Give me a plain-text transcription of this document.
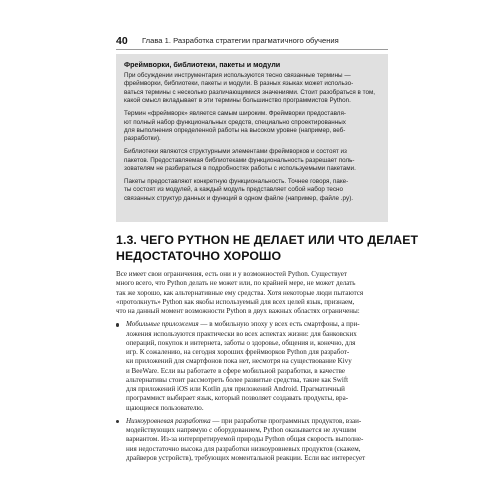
40 Глава 1. Разработка стратегии прагматичного обучения
Фреймворки, библиотеки, пакеты и модули

При обсуждении инструментария используются тесно связанные термины —
фреймворки, библиотеки, пакеты и модули. В разных языках может использо-
ваться термины с несколько различающимися значениями. Стоит разобраться в том,
какой смысл вкладывает в эти термины большинство программистов Python.

Термин «фреймворк» является самым широким. Фреймворки предоставля-
ют полный набор функциональных средств, специально спроектированных
для выполнения определенной работы на высоком уровне (например, веб-
разработки).

Библиотеки являются структурными элементами фреймворков и состоят из
пакетов. Предоставляемая библиотеками функциональность разрешает поль-
зователям не разбираться в подробностях работы с используемыми пакетами.

Пакеты предоставляют конкретную функциональность. Точнее говоря, паке-
ты состоят из модулей, а каждый модуль представляет собой набор тесно
связанных структур данных и функций в одном файле (например, файле .py).

1.3. ЧЕГО PYTHON НЕ ДЕЛАЕТ ИЛИ ЧТО ДЕЛАЕТ
НЕДОСТАТОЧНО ХОРОШО

Все имеет свои ограничения, есть они и у возможностей Python. Существует
много всего, что Python делать не может или, по крайней мере, не может делать
так же хорошо, как альтернативные ему средства. Хотя некоторые люди пытаются
«протолкнуть» Python как якобы используемый для всех целей язык, признаем,
что на данный момент возможности Python в двух важных областях ограничены:

Мобильные приложения — в мобильную эпоху у всех есть смартфоны, а при-
ложения используются практически во всех аспектах жизни: для банковских
операций, покупок и интернета, заботы о здоровье, общения и, конечно, для
игр. К сожалению, на сегодня хороших фреймворков Python для разработ-
ки приложений для смартфонов пока нет, несмотря на существование Kivy
и BeeWare. Если вы работаете в сфере мобильной разработки, в качестве
альтернативы стоит рассмотреть более развитые средства, такие как Swift
для приложений iOS или Kotlin для приложений Android. Прагматичный
программист выбирает язык, который позволяет создавать продукты, вра-
щающиеся пользователю.
Низкоуровневая разработка — при разработке программных продуктов, взаи-
модействующих напрямую с оборудованием, Python оказывается не лучшим
вариантом. Из-за интерпретируемой природы Python общая скорость выполне-
ния недостаточно высока для разработки низкоуровневых продуктов (скажем,
драйверов устройств), требующих моментальной реакции. Если вас интересует
